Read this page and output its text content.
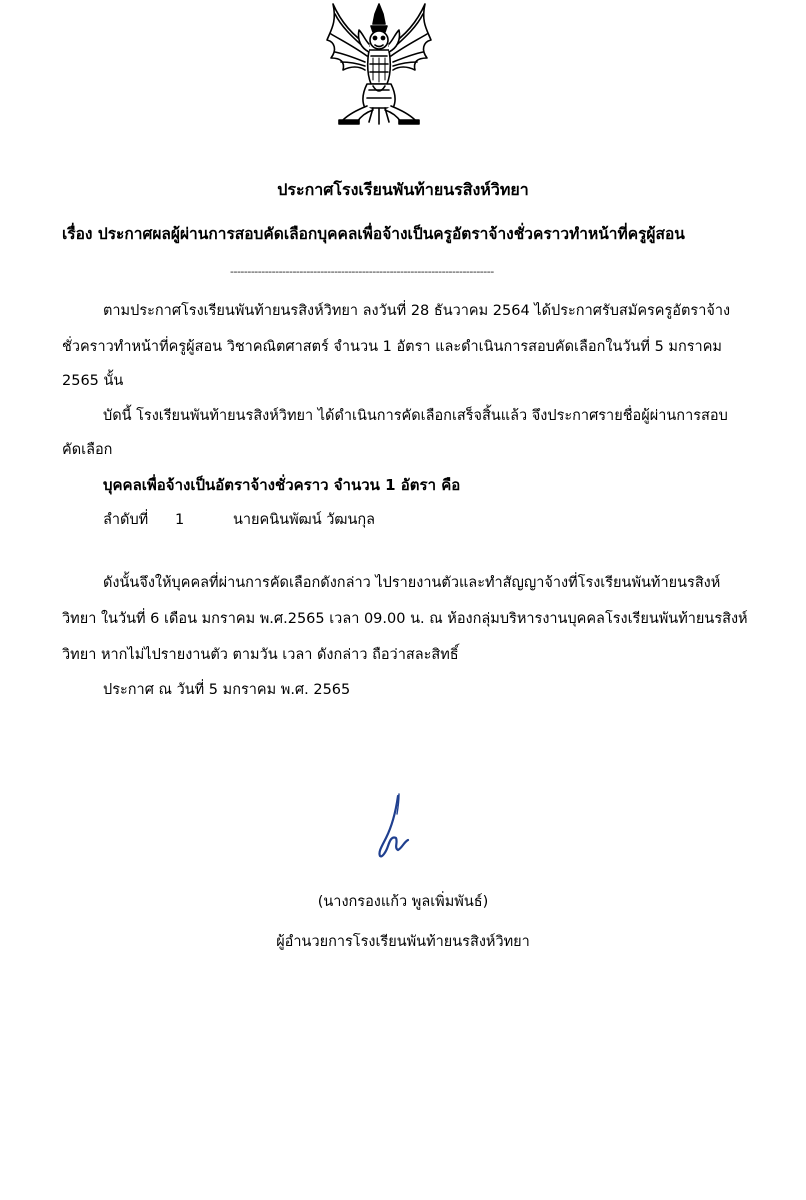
ประกาศโรงเรียนพันท้ายนรสิงห์วิทยา
เรื่อง ประกาศผลผู้ผ่านการสอบคัดเลือกบุคคลเพื่อจ้างเป็นครูอัตราจ้างชั่วคราวทำหน้าที่ครูผู้สอน
----------------------------------------------------------------------------
ตามประกาศโรงเรียนพันท้ายนรสิงห์วิทยา ลงวันที่ 28 ธันวาคม 2564 ได้ประกาศรับสมัครครูอัตราจ้าง
ชั่วคราวทำหน้าที่ครูผู้สอน วิชาคณิตศาสตร์ จำนวน 1 อัตรา และดำเนินการสอบคัดเลือกในวันที่ 5 มกราคม
2565 นั้น
บัดนี้ โรงเรียนพันท้ายนรสิงห์วิทยา ได้ดำเนินการคัดเลือกเสร็จสิ้นแล้ว จึงประกาศรายชื่อผู้ผ่านการสอบ
คัดเลือก
บุคคลเพื่อจ้างเป็นอัตราจ้างชั่วคราว จำนวน 1 อัตรา คือ
ลำดับที่ 1	นายคนินพัฒน์ วัฒนกุล
ดังนั้นจึงให้บุคคลที่ผ่านการคัดเลือกดังกล่าว ไปรายงานตัวและทำสัญญาจ้างที่โรงเรียนพันท้ายนรสิงห์
วิทยา ในวันที่ 6 เดือน มกราคม พ.ศ.2565 เวลา 09.00 น. ณ ห้องกลุ่มบริหารงานบุคคลโรงเรียนพันท้ายนรสิงห์
วิทยา หากไม่ไปรายงานตัว ตามวัน เวลา ดังกล่าว ถือว่าสละสิทธิ์
ประกาศ ณ วันที่ 5 มกราคม พ.ศ. 2565
(นางกรองแก้ว พูลเพิ่มพันธ์)
ผู้อำนวยการโรงเรียนพันท้ายนรสิงห์วิทยา
